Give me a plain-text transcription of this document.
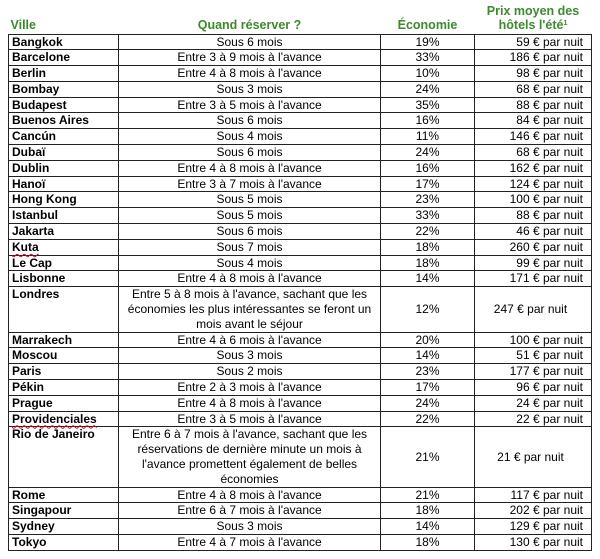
Ville	Quand réserver ?	Économie	Prix moyen des hôtels l'été$^1$
Bangkok	Sous 6 mois	19%	59 € par nuit
Barcelone	Entre 3 à 9 mois à l'avance	33%	186 € par nuit
Berlin	Entre 4 à 8 mois à l'avance	10%	98 € par nuit
Bombay	Sous 3 mois	24%	68 € par nuit
Budapest	Entre 3 à 5 mois à l'avance	35%	88 € par nuit
Buenos Aires	Sous 6 mois	16%	84 € par nuit
Cancún	Sous 4 mois	11%	146 € par nuit
Dubaï	Sous 6 mois	24%	68 € par nuit
Dublin	Entre 4 à 8 mois à l'avance	16%	162 € par nuit
Hanoï	Entre 3 à 7 mois à l'avance	17%	124 € par nuit
Hong Kong	Sous 5 mois	23%	100 € par nuit
Istanbul	Sous 5 mois	33%	88 € par nuit
Jakarta	Sous 6 mois	22%	46 € par nuit
Kuta	Sous 7 mois	18%	260 € par nuit
Le Cap	Sous 4 mois	18%	99 € par nuit
Lisbonne	Entre 4 à 8 mois à l'avance	14%	171 € par nuit
Londres	Entre 5 à 8 mois à l'avance, sachant que les économies les plus intéressantes se feront un mois avant le séjour	12%	247 € par nuit
Marrakech	Entre 4 à 6 mois à l'avance	20%	100 € par nuit
Moscou	Sous 3 mois	14%	51 € par nuit
Paris	Sous 2 mois	23%	177 € par nuit
Pékin	Entre 2 à 3 mois à l'avance	17%	96 € par nuit
Prague	Entre 4 à 8 mois à l'avance	24%	24 € par nuit
Providenciales	Entre 3 à 5 mois à l'avance	22%	22 € par nuit
Rio de Janeiro	Entre 6 à 7 mois à l'avance, sachant que les réservations de dernière minute un mois à l'avance promettent également de belles économies	21%	21 € par nuit
Rome	Entre 4 à 8 mois à l'avance	21%	117 € par nuit
Singapour	Entre 6 à 7 mois à l'avance	18%	202 € par nuit
Sydney	Sous 3 mois	14%	129 € par nuit
Tokyo	Entre 4 à 7 mois à l'avance	18%	130 € par nuit
